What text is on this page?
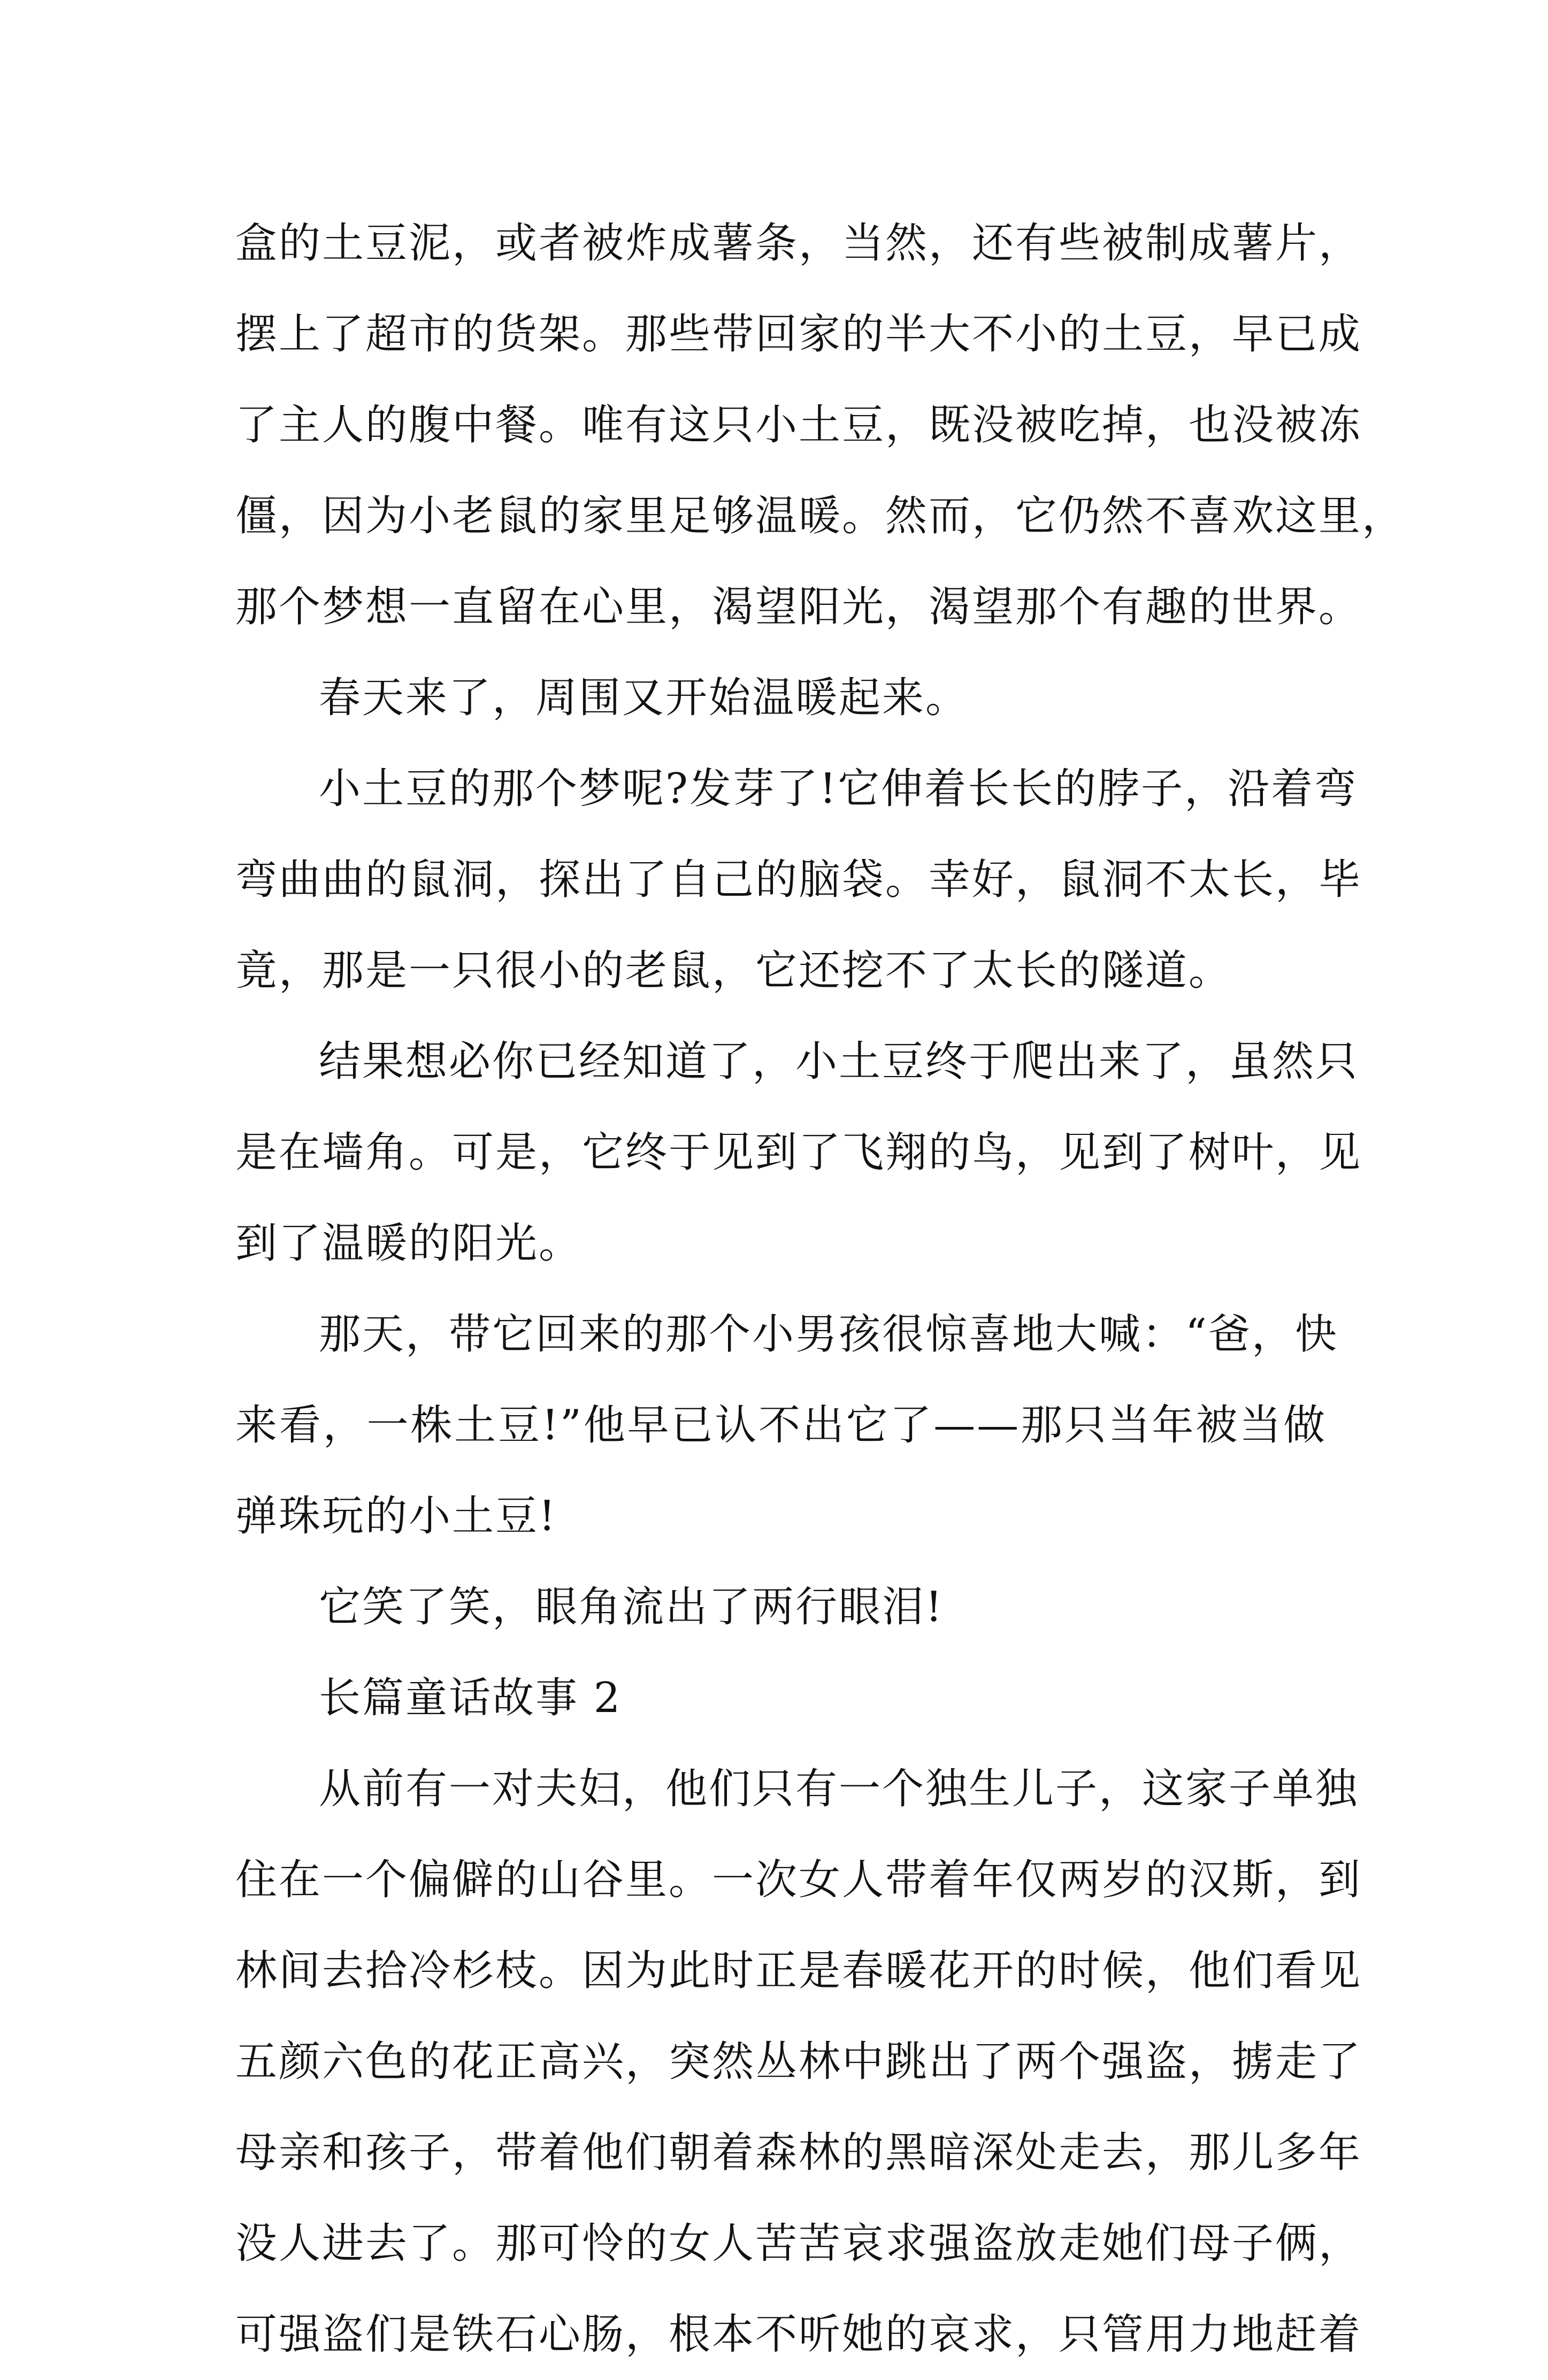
盒的土豆泥，或者被炸成薯条，当然，还有些被制成薯片，
摆上了超市的货架。那些带回家的半大不小的土豆，早已成
了主人的腹中餐。唯有这只小土豆，既没被吃掉，也没被冻
僵，因为小老鼠的家里足够温暖。然而，它仍然不喜欢这里，
那个梦想一直留在心里，渴望阳光，渴望那个有趣的世界。
春天来了，周围又开始温暖起来。
小土豆的那个梦呢?发芽了!它伸着长长的脖子，沿着弯
弯曲曲的鼠洞，探出了自己的脑袋。幸好，鼠洞不太长，毕
竟，那是一只很小的老鼠，它还挖不了太长的隧道。
结果想必你已经知道了，小土豆终于爬出来了，虽然只
是在墙角。可是，它终于见到了飞翔的鸟，见到了树叶，见
到了温暖的阳光。
那天，带它回来的那个小男孩很惊喜地大喊：“爸，快
来看，一株土豆!”他早已认不出它了——那只当年被当做
弹珠玩的小土豆!
它笑了笑，眼角流出了两行眼泪!
长篇童话故事 2
从前有一对夫妇，他们只有一个独生儿子，这家子单独
住在一个偏僻的山谷里。一次女人带着年仅两岁的汉斯，到
林间去拾冷杉枝。因为此时正是春暖花开的时候，他们看见
五颜六色的花正高兴，突然丛林中跳出了两个强盗，掳走了
母亲和孩子，带着他们朝着森林的黑暗深处走去，那儿多年
没人进去了。那可怜的女人苦苦哀求强盗放走她们母子俩，
可强盗们是铁石心肠，根本不听她的哀求，只管用力地赶着
